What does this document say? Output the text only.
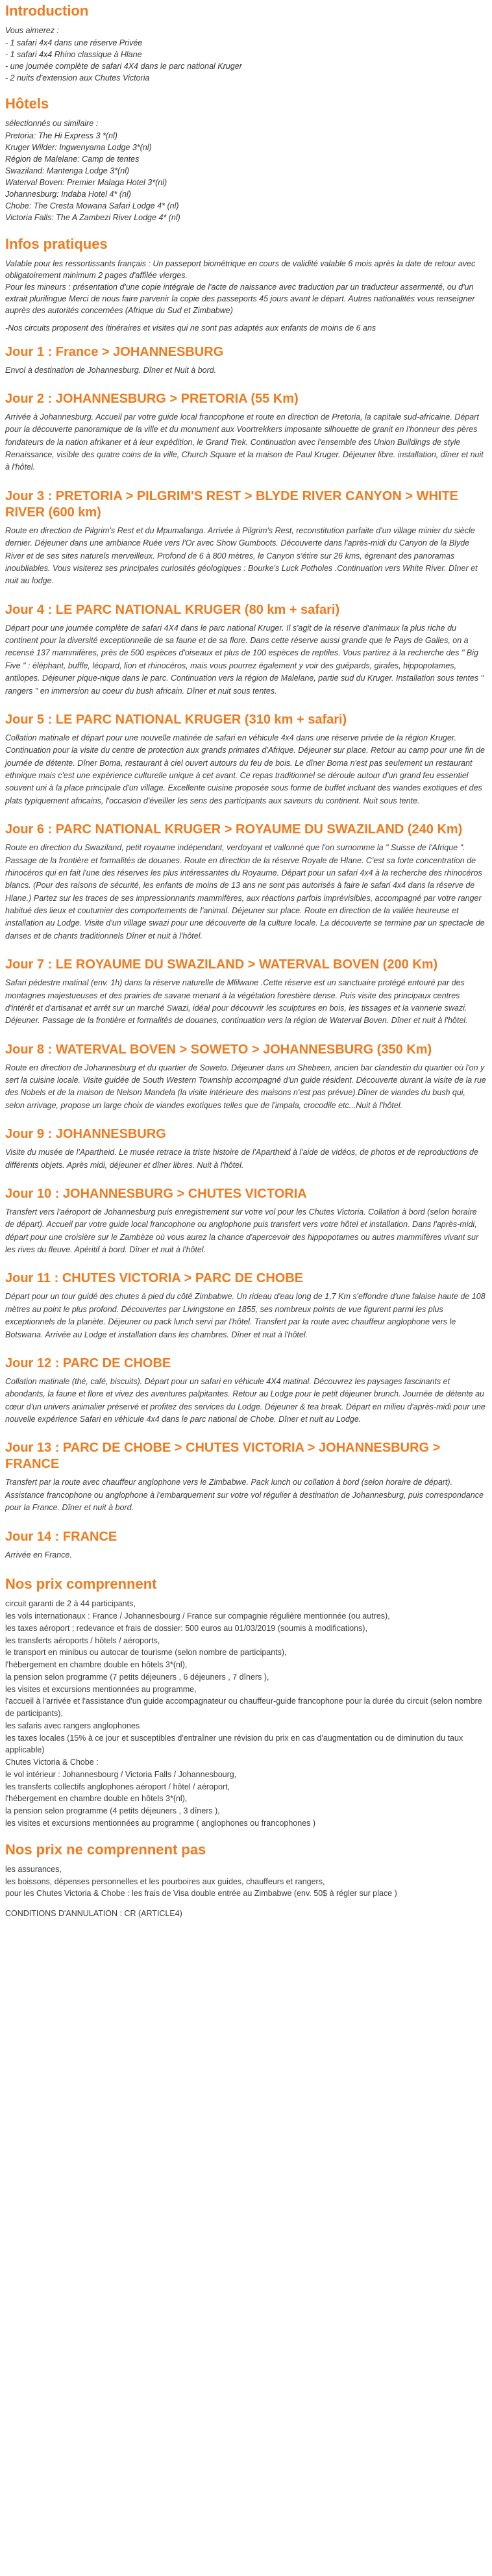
Introduction

Vous aimerez :
- 1 safari 4x4 dans une réserve Privée
- 1 safari 4x4 Rhino classique à Hlane
- une journée complète de safari 4X4 dans le parc national Kruger
- 2 nuits d'extension aux Chutes Victoria

Hôtels

sélectionnés ou similaire :
Pretoria: The Hi Express 3 *(nl)
Kruger Wilder: Ingwenyama Lodge 3*(nl)
Région de Malelane: Camp de tentes
Swaziland: Mantenga Lodge 3*(nl)
Waterval Boven: Premier Malaga Hotel 3*(nl)
Johannesburg: Indaba Hotel 4* (nl)
Chobe: The Cresta Mowana Safari Lodge 4* (nl)
Victoria Falls: The A Zambezi River Lodge 4* (nl)

Infos pratiques

Valable pour les ressortissants français : Un passeport biométrique en cours de validité valable 6 mois après la date de retour avec obligatoirement minimum 2 pages d'affilée vierges.

Pour les mineurs : présentation d'une copie intégrale de l'acte de naissance avec traduction par un traducteur assermenté, ou d'un extrait plurilingue Merci de nous faire parvenir la copie des passeports 45 jours avant le départ. Autres nationalités vous renseigner auprès des autorités concernées (Afrique du Sud et Zimbabwe)

-Nos circuits proposent des itinéraires et visites qui ne sont pas adaptés aux enfants de moins de 6 ans

Jour 1 : France > JOHANNESBURG

Envol à destination de Johannesburg. Dîner et Nuit à bord.

Jour 2 : JOHANNESBURG > PRETORIA (55 Km)

Arrivée à Johannesburg. Accueil par votre guide local francophone et route en direction de Pretoria, la capitale sud-africaine. Départ pour la découverte panoramique de la ville et du monument aux Voortrekkers imposante silhouette de granit en l'honneur des pères fondateurs de la nation afrikaner et à leur expédition, le Grand Trek. Continuation avec l'ensemble des Union Buildings de style Renaissance, visible des quatre coins de la ville, Church Square et la maison de Paul Kruger. Déjeuner libre. installation, dîner et nuit à l'hôtel.

Jour 3 : PRETORIA > PILGRIM'S REST > BLYDE RIVER CANYON > WHITE RIVER (600 km)

Route en direction de Pilgrim's Rest et du Mpumalanga. Arrivée à Pilgrim's Rest, reconstitution parfaite d'un village minier du siècle dernier. Déjeuner dans une ambiance Ruée vers l'Or avec Show Gumboots. Découverte dans l'après-midi du Canyon de la Blyde River et de ses sites naturels merveilleux. Profond de 6 à 800 mètres, le Canyon s'étire sur 26 kms, égrenant des panoramas inoubliables. Vous visiterez ses principales curiosités géologiques : Bourke's Luck Potholes .Continuation vers White River. Dîner et nuit au lodge.

Jour 4 : LE PARC NATIONAL KRUGER (80 km + safari)

Départ pour une journée complète de safari 4X4 dans le parc national Kruger. Il s'agit de la réserve d'animaux la plus riche du continent pour la diversité exceptionnelle de sa faune et de sa flore. Dans cette réserve aussi grande que le Pays de Galles, on a recensé 137 mammifères, près de 500 espèces d'oiseaux et plus de 100 espèces de reptiles. Vous partirez à la recherche des " Big Five " : éléphant, buffle, léopard, lion et rhinocéros, mais vous pourrez également y voir des guépards, girafes, hippopotames, antilopes. Déjeuner pique-nique dans le parc. Continuation vers la région de Malelane, partie sud du Kruger. Installation sous tentes " rangers " en immersion au coeur du bush africain. Dîner et nuit sous tentes.

Jour 5 : LE PARC NATIONAL KRUGER (310 km + safari)

Collation matinale et départ pour une nouvelle matinée de safari en véhicule 4x4 dans une réserve privée de la région Kruger. Continuation pour la visite du centre de protection aux grands primates d'Afrique. Déjeuner sur place. Retour au camp pour une fin de journée de détente. Dîner Boma, restaurant à ciel ouvert autours du feu de bois. Le dîner Boma n'est pas seulement un restaurant ethnique mais c'est une expérience culturelle unique à cet avant. Ce repas traditionnel se déroule autour d'un grand feu essentiel souvent uni à la place principale d'un village. Excellente cuisine proposée sous forme de buffet incluant des viandes exotiques et des plats typiquement africains, l'occasion d'éveiller les sens des participants aux saveurs du continent. Nuit sous tente.

Jour 6 : PARC NATIONAL KRUGER > ROYAUME DU SWAZILAND (240 Km)

Route en direction du Swaziland, petit royaume indépendant, verdoyant et vallonné que l'on surnomme la " Suisse de l'Afrique ". Passage de la frontière et formalités de douanes. Route en direction de la réserve Royale de Hlane. C'est sa forte concentration de rhinocéros qui en fait l'une des réserves les plus intéressantes du Royaume. Départ pour un safari 4x4 à la recherche des rhinocéros blancs. (Pour des raisons de sécurité, les enfants de moins de 13 ans ne sont pas autorisés à faire le safari 4x4 dans la réserve de Hlane.) Partez sur les traces de ses impressionnants mammifères, aux réactions parfois imprévisibles, accompagné par votre ranger habitué des lieux et coutumier des comportements de l'animal. Déjeuner sur place. Route en direction de la vallée heureuse et installation au Lodge. Visite d'un village swazi pour une découverte de la culture locale. La découverte se termine par un spectacle de danses et de chants traditionnels Dîner et nuit à l'hôtel.

Jour 7 : LE ROYAUME DU SWAZILAND > WATERVAL BOVEN (200 Km)

Safari pédestre matinal (env. 1h) dans la réserve naturelle de Mlilwane .Cette réserve est un sanctuaire protégé entouré par des montagnes majestueuses et des prairies de savane menant à la végétation forestière dense. Puis visite des principaux centres d'intérêt et d'artisanat et arrêt sur un marché Swazi, idéal pour découvrir les sculptures en bois, les tissages et la vannerie swazi. Déjeuner. Passage de la frontière et formalités de douanes, continuation vers la région de Waterval Boven. Dîner et nuit à l'hôtel.

Jour 8 : WATERVAL BOVEN > SOWETO > JOHANNESBURG (350 Km)

Route en direction de Johannesburg et du quartier de Soweto. Déjeuner dans un Shebeen, ancien bar clandestin du quartier où l'on y sert la cuisine locale. Visite guidée de South Western Township accompagné d'un guide résident. Découverte durant la visite de la rue des Nobels et de la maison de Nelson Mandela (la visite intérieure des maisons n'est pas prévue).Dîner de viandes du bush qui, selon arrivage, propose un large choix de viandes exotiques telles que de l'impala, crocodile etc...Nuit à l'hôtel.

Jour 9 : JOHANNESBURG

Visite du musée de l'Apartheid. Le musée retrace la triste histoire de l'Apartheid à l'aide de vidéos, de photos et de reproductions de différents objets. Après midi, déjeuner et dîner libres. Nuit à l'hôtel.

Jour 10 : JOHANNESBURG > CHUTES VICTORIA

Transfert vers l'aéroport de Johannesburg puis enregistrement sur votre vol pour les Chutes Victoria. Collation à bord (selon horaire de départ). Accueil par votre guide local francophone ou anglophone puis transfert vers votre hôtel et installation. Dans l'après-midi, départ pour une croisière sur le Zambèze où vous aurez la chance d'apercevoir des hippopotames ou autres mammifères vivant sur les rives du fleuve. Apéritif à bord. Dîner et nuit à l'hôtel.

Jour 11 : CHUTES VICTORIA > PARC DE CHOBE

Départ pour un tour guidé des chutes à pied du côté Zimbabwe. Un rideau d'eau long de 1,7 Km s'effondre d'une falaise haute de 108 mètres au point le plus profond. Découvertes par Livingstone en 1855, ses nombreux points de vue figurent parmi les plus exceptionnels de la planète. Déjeuner ou pack lunch servi par l'hôtel. Transfert par la route avec chauffeur anglophone vers le Botswana. Arrivée au Lodge et installation dans les chambres. Dîner et nuit à l'hôtel.

Jour 12 : PARC DE CHOBE

Collation matinale (thé, café, biscuits). Départ pour un safari en véhicule 4X4 matinal. Découvrez les paysages fascinants et abondants, la faune et flore et vivez des aventures palpitantes. Retour au Lodge pour le petit déjeuner brunch. Journée de détente au cœur d'un univers animalier préservé et profitez des services du Lodge. Déjeuner & tea break. Départ en milieu d'après-midi pour une nouvelle expérience Safari en véhicule 4x4 dans le parc national de Chobe. Dîner et nuit au Lodge.

Jour 13 : PARC DE CHOBE > CHUTES VICTORIA > JOHANNESBURG > FRANCE

Transfert par la route avec chauffeur anglophone vers le Zimbabwe. Pack lunch ou collation à bord (selon horaire de départ). Assistance francophone ou anglophone à l'embarquement sur votre vol régulier à destination de Johannesburg, puis correspondance pour la France. Dîner et nuit à bord.

Jour 14 : FRANCE

Arrivée en France.

Nos prix comprennent

circuit garanti de 2 à 44 participants,
les vols internationaux : France / Johannesbourg / France sur compagnie régulière mentionnée (ou autres),
les taxes aéroport ; redevance et frais de dossier: 500 euros au 01/03/2019 (soumis à modifications),
les transferts aéroports / hôtels / aéroports,
le transport en minibus ou autocar de tourisme (selon nombre de participants),
l'hébergement en chambre double en hôtels 3*(nl),
la pension selon programme (7 petits déjeuners , 6 déjeuners , 7 dîners ),
les visites et excursions mentionnées au programme,
l'accueil à l'arrivée et l'assistance d'un guide accompagnateur ou chauffeur-guide francophone pour la durée du circuit (selon nombre de participants),
les safaris avec rangers anglophones
les taxes locales (15% à ce jour et susceptibles d'entraîner une révision du prix en cas d'augmentation ou de diminution du taux applicable)
Chutes Victoria & Chobe :
le vol intérieur : Johannesbourg / Victoria Falls / Johannesbourg,
les transferts collectifs anglophones aéroport / hôtel / aéroport,
l'hébergement en chambre double en hôtels 3*(nl),
la pension selon programme (4 petits déjeuners , 3 dîners ),
les visites et excursions mentionnées au programme ( anglophones ou francophones )

Nos prix ne comprennent pas

les assurances,
les boissons, dépenses personnelles et les pourboires aux guides, chauffeurs et rangers,
pour les Chutes Victoria & Chobe : les frais de Visa double entrée au Zimbabwe (env. 50$ à régler sur place )

CONDITIONS D'ANNULATION : CR (ARTICLE4)
